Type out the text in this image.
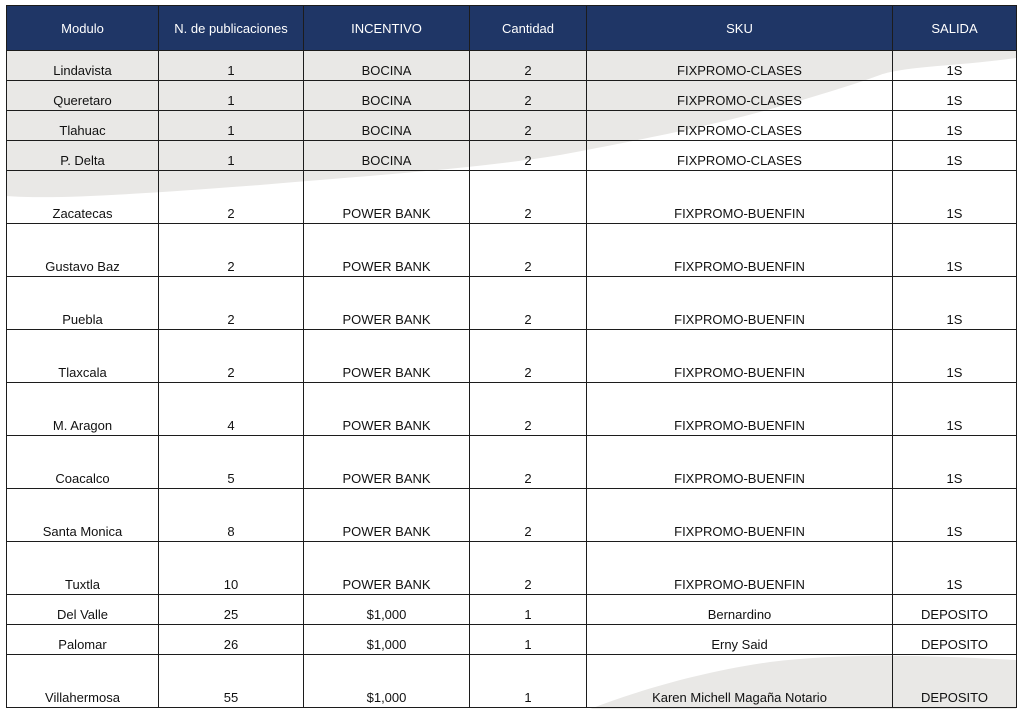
Modulo	N. de publicaciones	INCENTIVO	Cantidad	SKU	SALIDA
Lindavista	1	BOCINA	2	FIXPROMO-CLASES	1S
Queretaro	1	BOCINA	2	FIXPROMO-CLASES	1S
Tlahuac	1	BOCINA	2	FIXPROMO-CLASES	1S
P. Delta	1	BOCINA	2	FIXPROMO-CLASES	1S
Zacatecas	2	POWER BANK	2	FIXPROMO-BUENFIN	1S
Gustavo Baz	2	POWER BANK	2	FIXPROMO-BUENFIN	1S
Puebla	2	POWER BANK	2	FIXPROMO-BUENFIN	1S
Tlaxcala	2	POWER BANK	2	FIXPROMO-BUENFIN	1S
M. Aragon	4	POWER BANK	2	FIXPROMO-BUENFIN	1S
Coacalco	5	POWER BANK	2	FIXPROMO-BUENFIN	1S
Santa Monica	8	POWER BANK	2	FIXPROMO-BUENFIN	1S
Tuxtla	10	POWER BANK	2	FIXPROMO-BUENFIN	1S
Del Valle	25	$1,000	1	Bernardino	DEPOSITO
Palomar	26	$1,000	1	Erny Said	DEPOSITO
Villahermosa	55	$1,000	1	Karen Michell Magaña Notario	DEPOSITO
